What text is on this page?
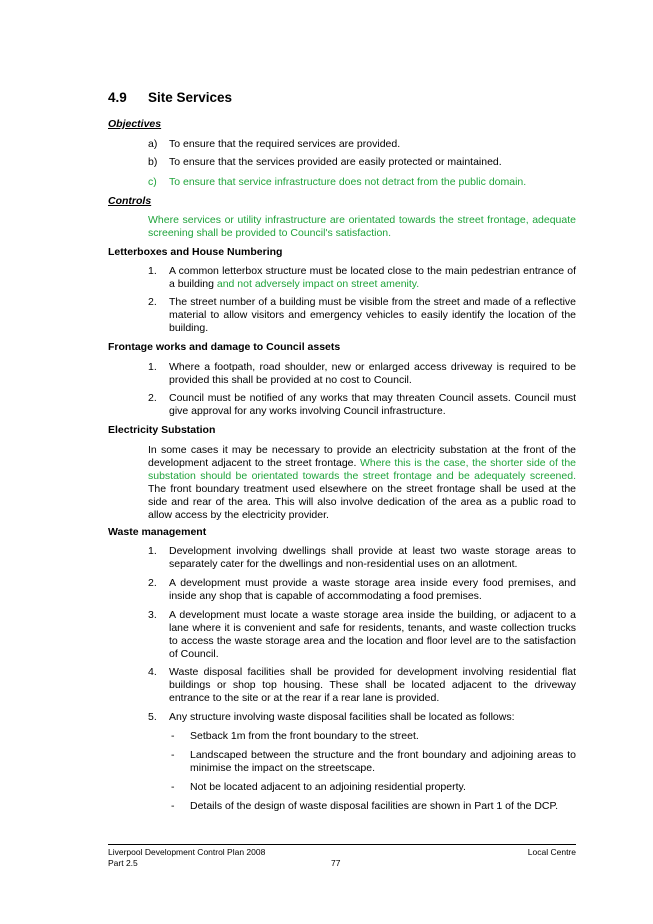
4.9 Site Services
Objectives
a) To ensure that the required services are provided.
b) To ensure that the services provided are easily protected or maintained.
c) To ensure that service infrastructure does not detract from the public domain.
Controls
Where services or utility infrastructure are orientated towards the street frontage, adequate screening shall be provided to Council's satisfaction.
Letterboxes and House Numbering
1. A common letterbox structure must be located close to the main pedestrian entrance of a building and not adversely impact on street amenity.
2. The street number of a building must be visible from the street and made of a reflective material to allow visitors and emergency vehicles to easily identify the location of the building.
Frontage works and damage to Council assets
1. Where a footpath, road shoulder, new or enlarged access driveway is required to be provided this shall be provided at no cost to Council.
2. Council must be notified of any works that may threaten Council assets. Council must give approval for any works involving Council infrastructure.
Electricity Substation
In some cases it may be necessary to provide an electricity substation at the front of the development adjacent to the street frontage. Where this is the case, the shorter side of the substation should be orientated towards the street frontage and be adequately screened. The front boundary treatment used elsewhere on the street frontage shall be used at the side and rear of the area. This will also involve dedication of the area as a public road to allow access by the electricity provider.
Waste management
1. Development involving dwellings shall provide at least two waste storage areas to separately cater for the dwellings and non-residential uses on an allotment.
2. A development must provide a waste storage area inside every food premises, and inside any shop that is capable of accommodating a food premises.
3. A development must locate a waste storage area inside the building, or adjacent to a lane where it is convenient and safe for residents, tenants, and waste collection trucks to access the waste storage area and the location and floor level are to the satisfaction of Council.
4. Waste disposal facilities shall be provided for development involving residential flat buildings or shop top housing. These shall be located adjacent to the driveway entrance to the site or at the rear if a rear lane is provided.
5. Any structure involving waste disposal facilities shall be located as follows:
- Setback 1m from the front boundary to the street.
- Landscaped between the structure and the front boundary and adjoining areas to minimise the impact on the streetscape.
- Not be located adjacent to an adjoining residential property.
- Details of the design of waste disposal facilities are shown in Part 1 of the DCP.
Liverpool Development Control Plan 2008
Part 2.5	77
Local Centre
